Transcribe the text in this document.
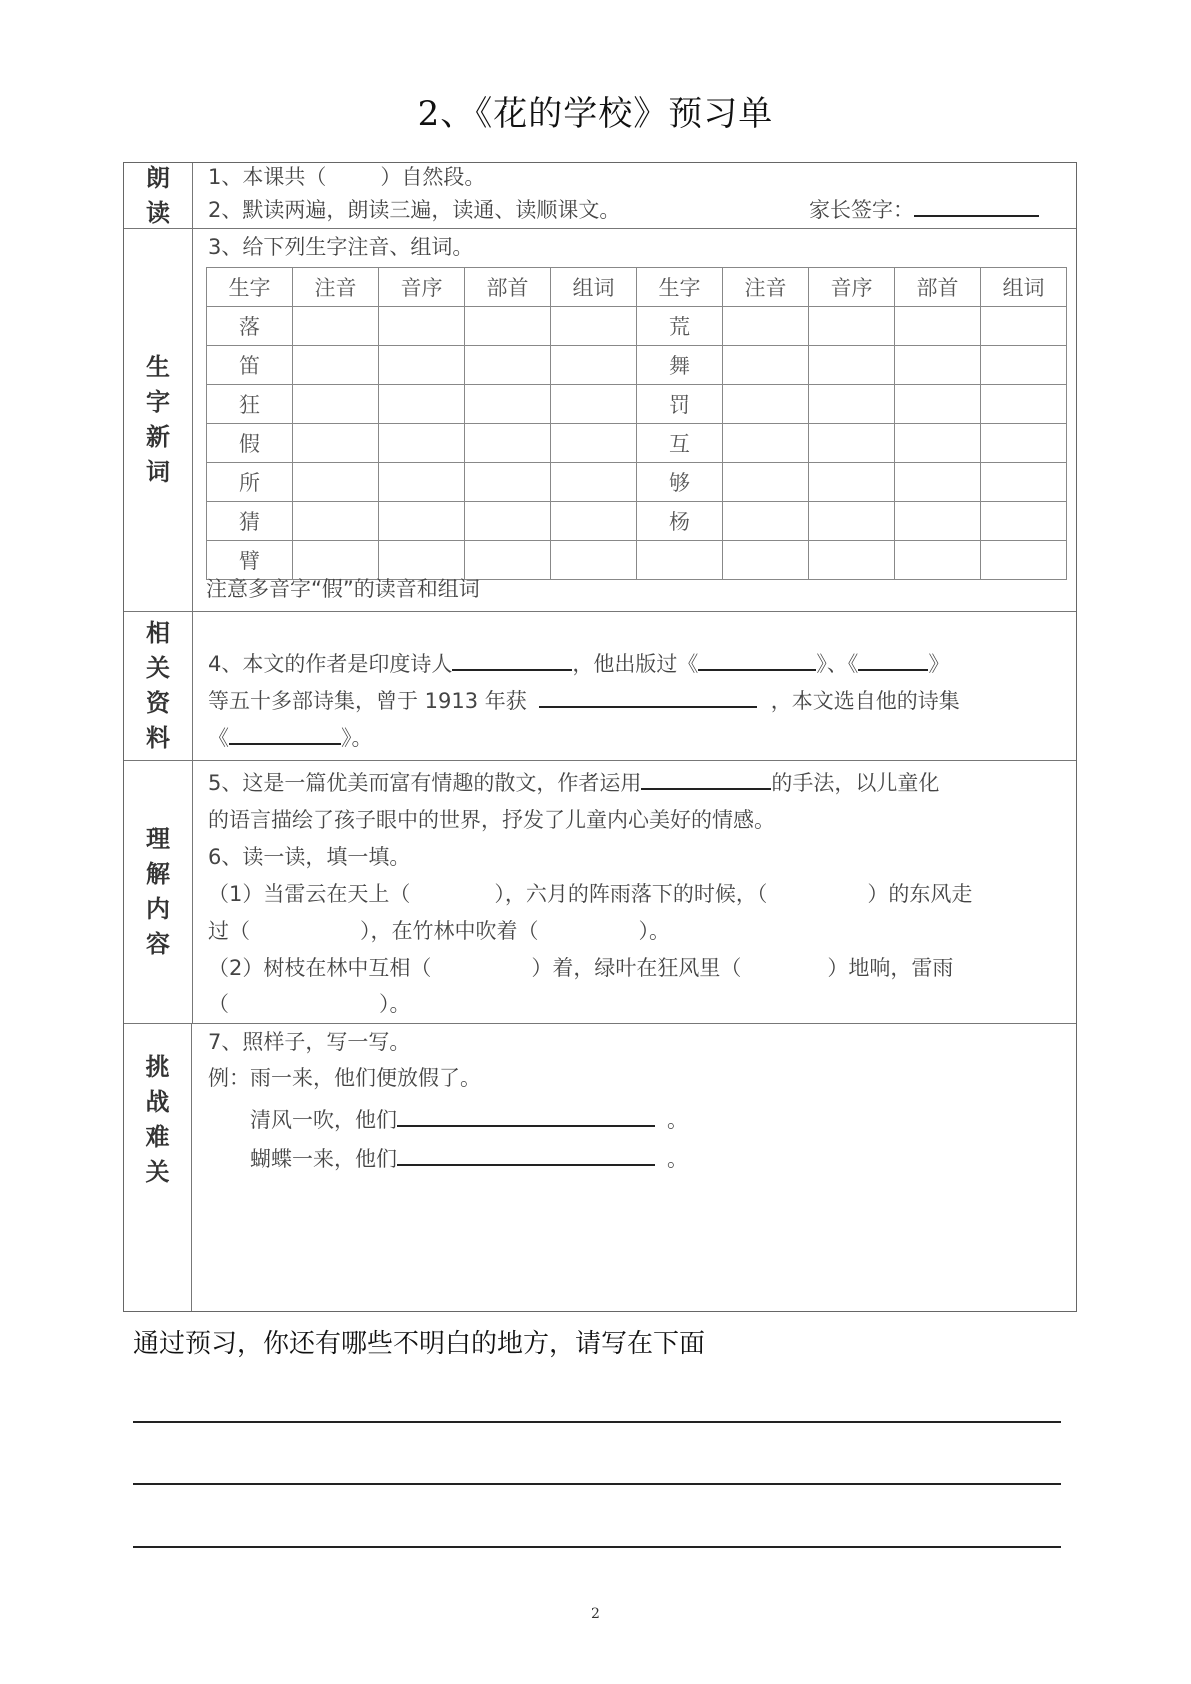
2、《花的学校》预习单
朗
读
1、本课共（	）自然段。
2、默读两遍，朗读三遍，读通、读顺课文。	家长签字：
生
字
新
词
3、给下列生字注音、组词。
生字	注音	音序	部首	组词	生字	注音	音序	部首	组词
落					荒				
笛					舞				
狂					罚				
假					互				
所					够				
猜					杨				
臂									
注意多音字“假”的读音和组词
相
关
资
料
4、本文的作者是印度诗人	，他出版过《	》、《	》
等五十多部诗集，曾于 1913 年获	，本文选自他的诗集
《	》。
理
解
内
容
5、这是一篇优美而富有情趣的散文，作者运用	的手法，以儿童化
的语言描绘了孩子眼中的世界，抒发了儿童内心美好的情感。
6、读一读，填一填。
（1）当雷云在天上（	），六月的阵雨落下的时候，（	）的东风走
过（	），在竹林中吹着（	）。
（2）树枝在林中互相（	）着，绿叶在狂风里（	）地响，雷雨
（	）。
挑
战
难
关
7、照样子，写一写。
例：雨一来，他们便放假了。
清风一吹，他们	。
蝴蝶一来，他们	。
通过预习，你还有哪些不明白的地方，请写在下面
2
